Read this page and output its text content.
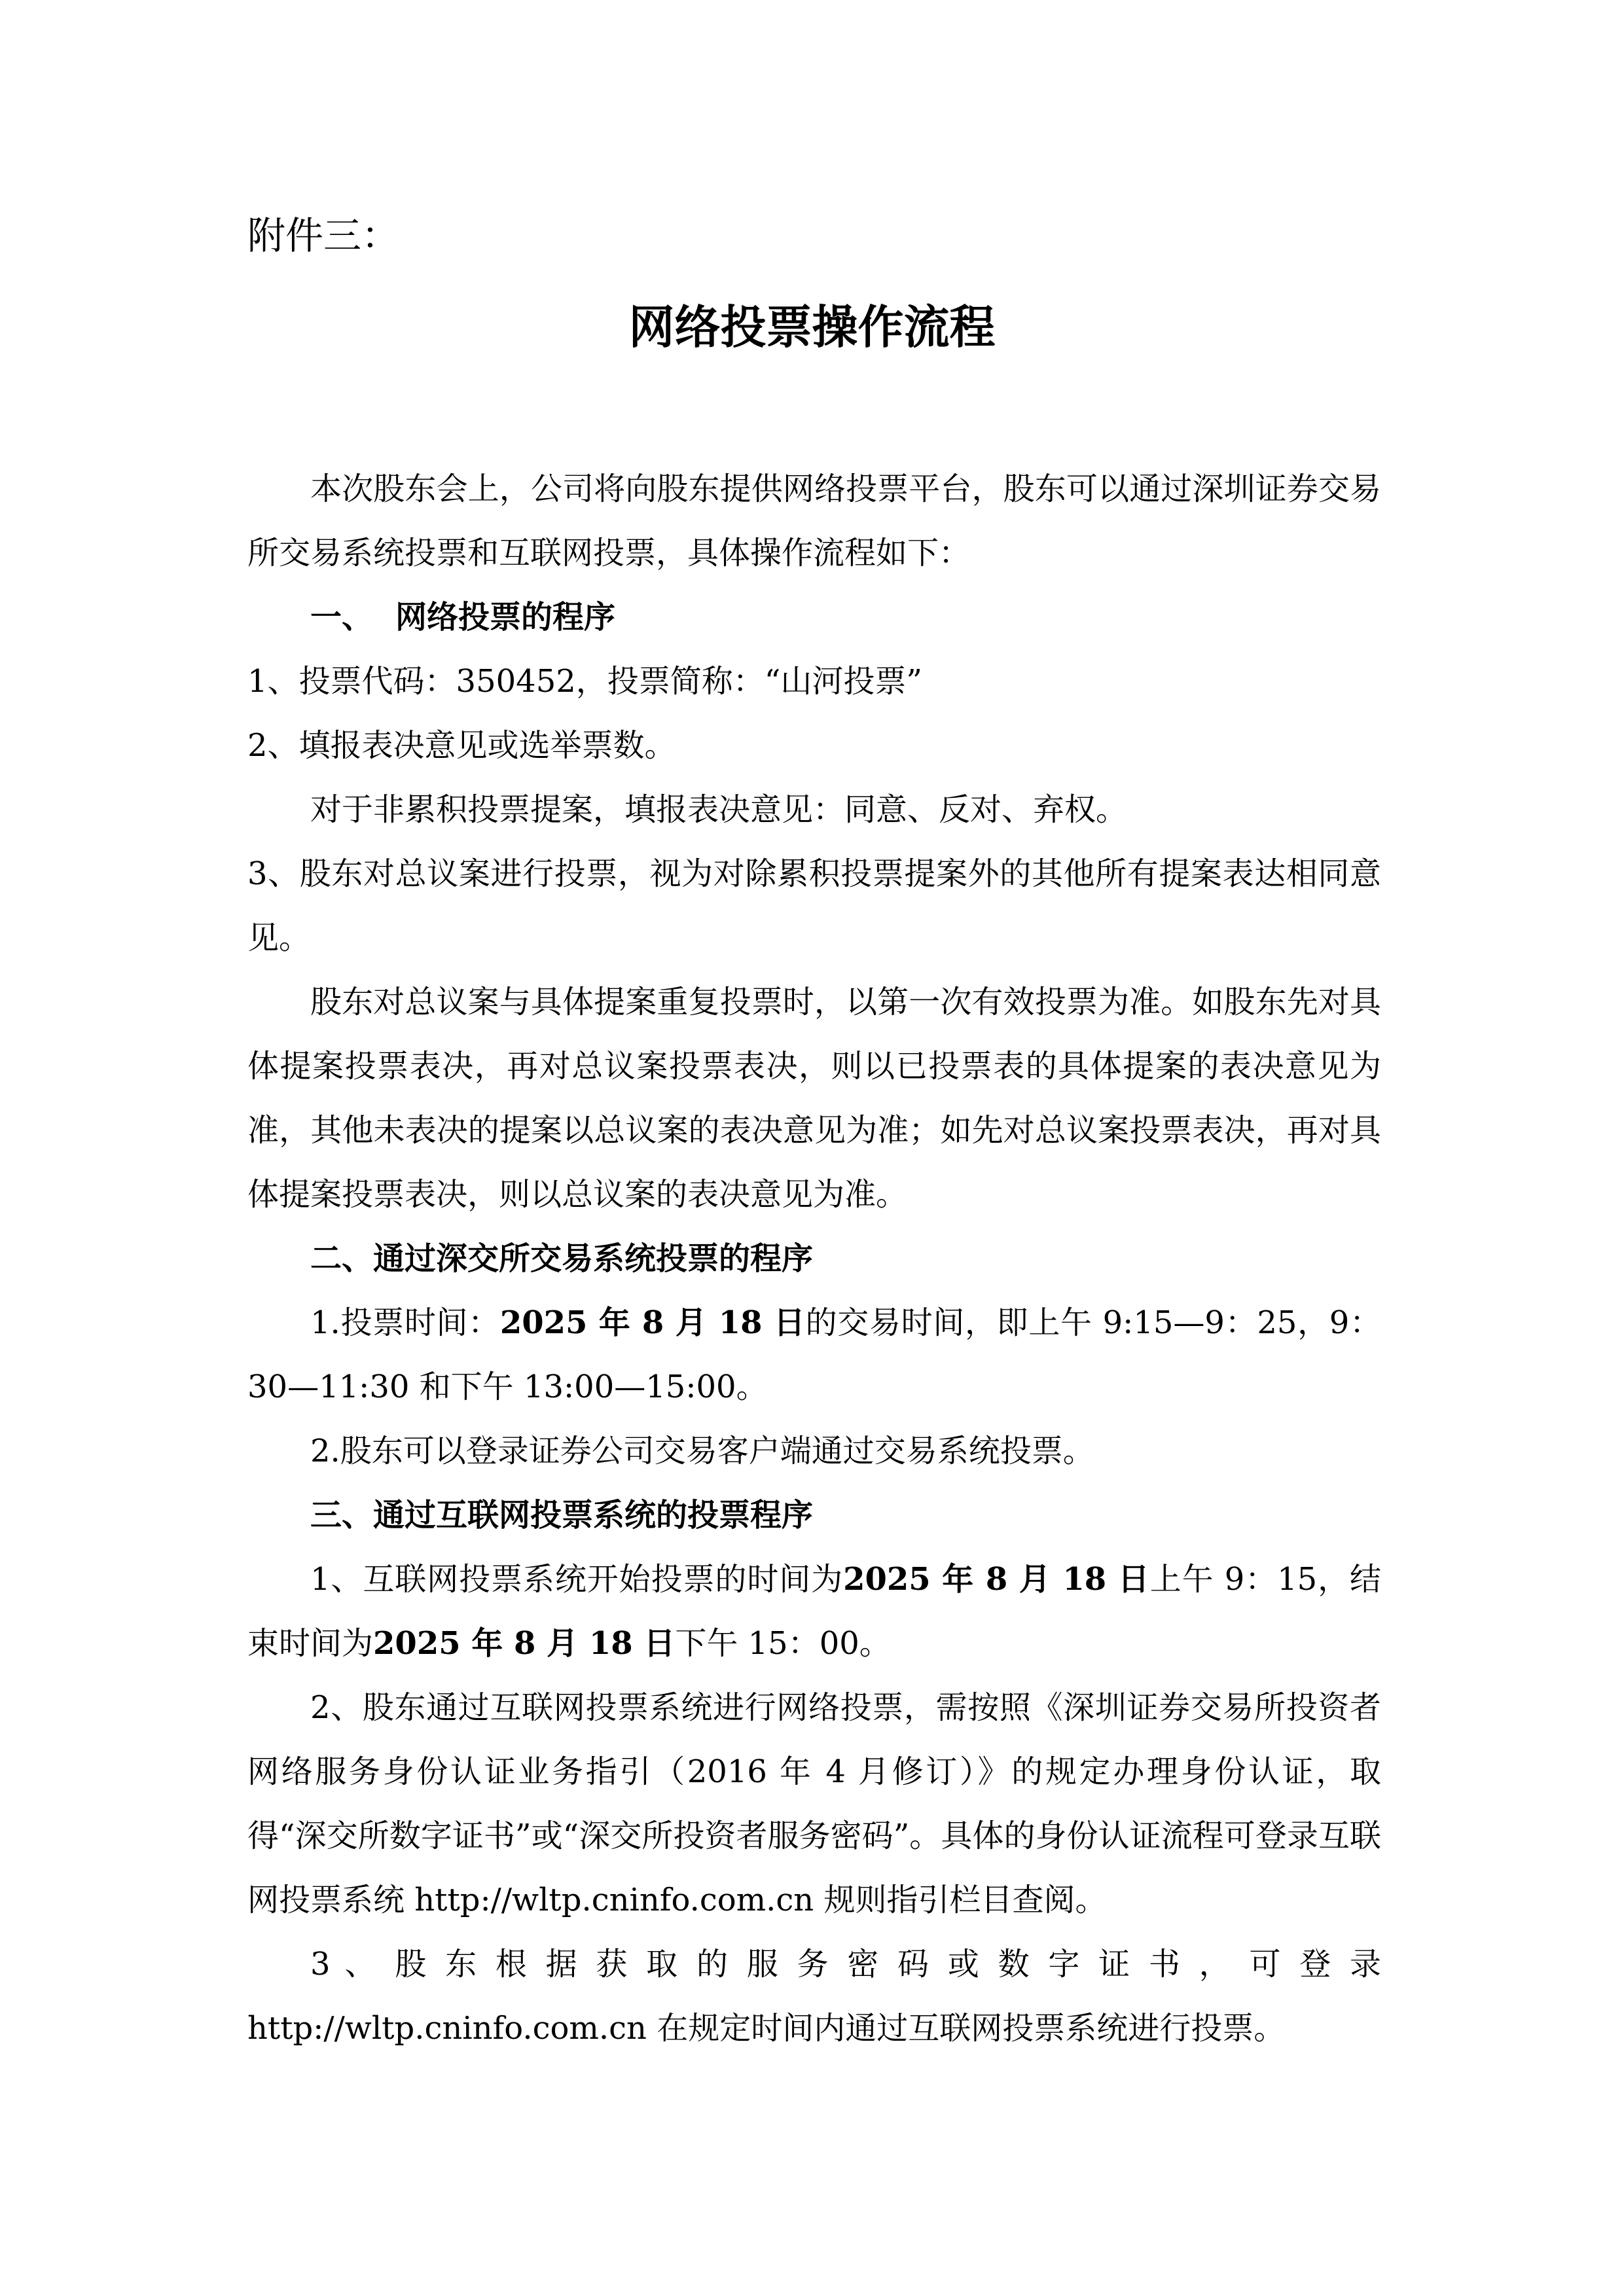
附件三：
网络投票操作流程

本次股东会上，公司将向股东提供网络投票平台，股东可以通过深圳证券交易所交易系统投票和互联网投票，具体操作流程如下：

一、 网络投票的程序

1、投票代码：350452，投票简称：“山河投票”

2、填报表决意见或选举票数。

对于非累积投票提案，填报表决意见：同意、反对、弃权。

3、股东对总议案进行投票，视为对除累积投票提案外的其他所有提案表达相同意见。

股东对总议案与具体提案重复投票时，以第一次有效投票为准。如股东先对具体提案投票表决，再对总议案投票表决，则以已投票表的具体提案的表决意见为准，其他未表决的提案以总议案的表决意见为准；如先对总议案投票表决，再对具体提案投票表决，则以总议案的表决意见为准。

二、通过深交所交易系统投票的程序

1.投票时间：2025 年 8 月 18 日的交易时间，即上午 9:15—9：25，9：30—11:30 和下午 13:00—15:00。

2.股东可以登录证券公司交易客户端通过交易系统投票。

三、通过互联网投票系统的投票程序

1、互联网投票系统开始投票的时间为2025 年 8 月 18 日上午 9：15，结束时间为2025 年 8 月 18 日下午 15：00。

2、股东通过互联网投票系统进行网络投票，需按照《深圳证券交易所投资者网络服务身份认证业务指引（2016 年 4 月修订）》的规定办理身份认证，取得“深交所数字证书”或“深交所投资者服务密码”。具体的身份认证流程可登录互联网投票系统 http://wltp.cninfo.com.cn 规则指引栏目查阅。

3 、 股 东 根 据 获 取 的 服 务 密 码 或 数 字 证 书 ， 可 登 录

http://wltp.cninfo.com.cn 在规定时间内通过互联网投票系统进行投票。
